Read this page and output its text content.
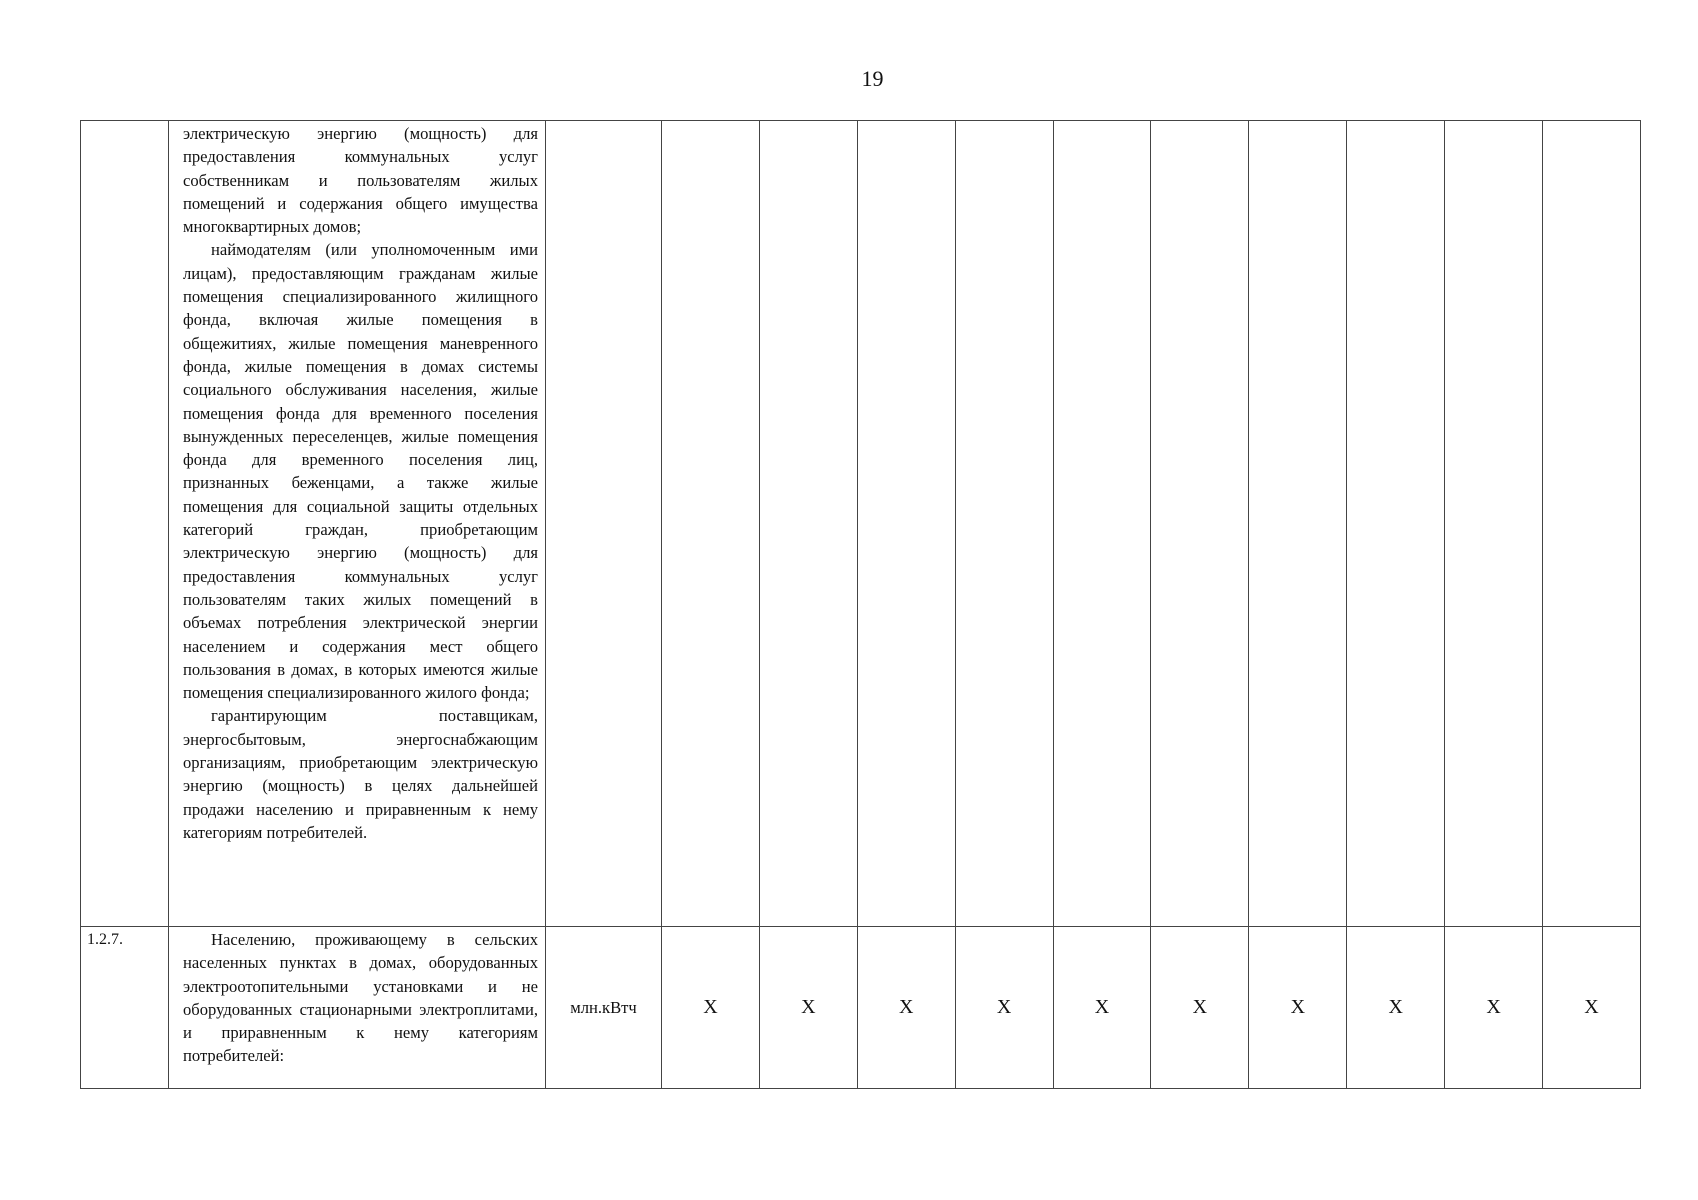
19

	электрическую энергию (мощность) для предоставления коммунальных услуг собственникам и пользователям жилых помещений и содержания общего имущества многоквартирных домов;

наймодателям (или уполномоченным ими лицам), предоставляющим гражданам жилые помещения специализированного жилищного фонда, включая жилые помещения в общежитиях, жилые помещения маневренного фонда, жилые помещения в домах системы социального обслуживания населения, жилые помещения фонда для временного поселения вынужденных переселенцев, жилые помещения фонда для временного поселения лиц, признанных беженцами, а также жилые помещения для социальной защиты отдельных категорий граждан, приобретающим электрическую энергию (мощность) для предоставления коммунальных услуг пользователям таких жилых помещений в объемах потребления электрической энергии населением и содержания мест общего пользования в домах, в которых имеются жилые помещения специализированного жилого фонда;

гарантирующим поставщикам, энергосбытовым, энергоснабжающим организациям, приобретающим электрическую энергию (мощность) в целях дальнейшей продажи населению и приравненным к нему категориям потребителей.											

1.2.7.	Населению, проживающему в сельских населенных пунктах в домах, оборудованных электроотопительными установками и не оборудованных стационарными электроплитами, и приравненным к нему категориям потребителей:	млн.кВтч	Х	Х	Х	Х	Х	Х	Х	Х	Х	Х
